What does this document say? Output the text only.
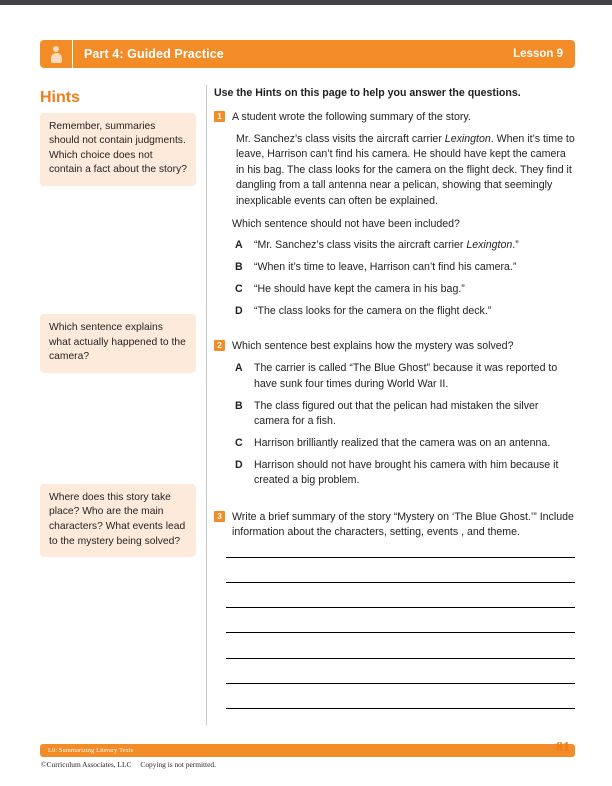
Part 4: Guided Practice	Lesson 9
Hints
Remember, summaries should not contain judgments. Which choice does not contain a fact about the story?
Which sentence explains what actually happened to the camera?
Where does this story take place? Who are the main characters? What events lead to the mystery being solved?
Use the Hints on this page to help you answer the questions.
1 A student wrote the following summary of the story.
Mr. Sanchez’s class visits the aircraft carrier Lexington. When it’s time to leave, Harrison can’t find his camera. He should have kept the camera in his bag. The class looks for the camera on the flight deck. They find it dangling from a tall antenna near a pelican, showing that seemingly inexplicable events can often be explained.
Which sentence should not have been included?
A “Mr. Sanchez’s class visits the aircraft carrier Lexington.”
B “When it’s time to leave, Harrison can’t find his camera.”
C “He should have kept the camera in his bag.”
D “The class looks for the camera on the flight deck.”
2 Which sentence best explains how the mystery was solved?
A The carrier is called “The Blue Ghost” because it was reported to have sunk four times during World War II.
B The class figured out that the pelican had mistaken the silver camera for a fish.
C Harrison brilliantly realized that the camera was on an antenna.
D Harrison should not have brought his camera with him because it created a big problem.
3 Write a brief summary of the story “Mystery on ‘The Blue Ghost.’” Include information about the characters, setting, events , and theme.
L9: Summarizing Literary Texts	81
©Curriculum Associates, LLC Copying is not permitted.
